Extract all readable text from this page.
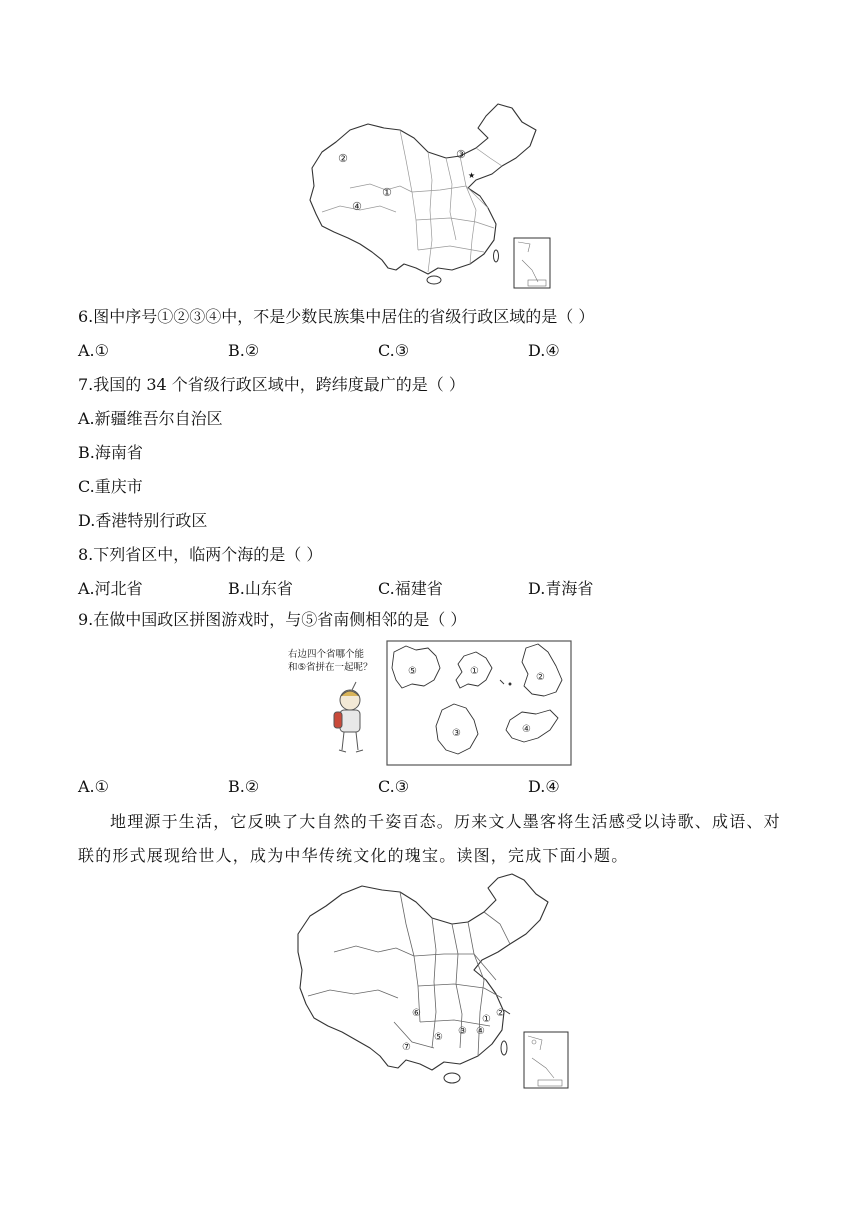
②	③
①
④
★
6.图中序号①②③④中，不是少数民族集中居住的省级行政区域的是（ ）
A.①	B.②	C.③	D.④
7.我国的 34 个省级行政区域中，跨纬度最广的是（ ）
A.新疆维吾尔自治区
B.海南省
C.重庆市
D.香港特别行政区
8.下列省区中，临两个海的是（ ）
A.河北省	B.山东省	C.福建省	D.青海省
9.在做中国政区拼图游戏时，与⑤省南侧相邻的是（ ）
右边四个省哪个能
和⑤省拼在一起呢？	⑤	①
②
③	④
A.①	B.②	C.③	D.④
地理源于生活，它反映了大自然的千姿百态。历来文人墨客将生活感受以诗歌、成语、对联的形式展现给世人，成为中华传统文化的瑰宝。读图，完成下面小题。
①
②
③ ④
⑤
⑥
⑦
